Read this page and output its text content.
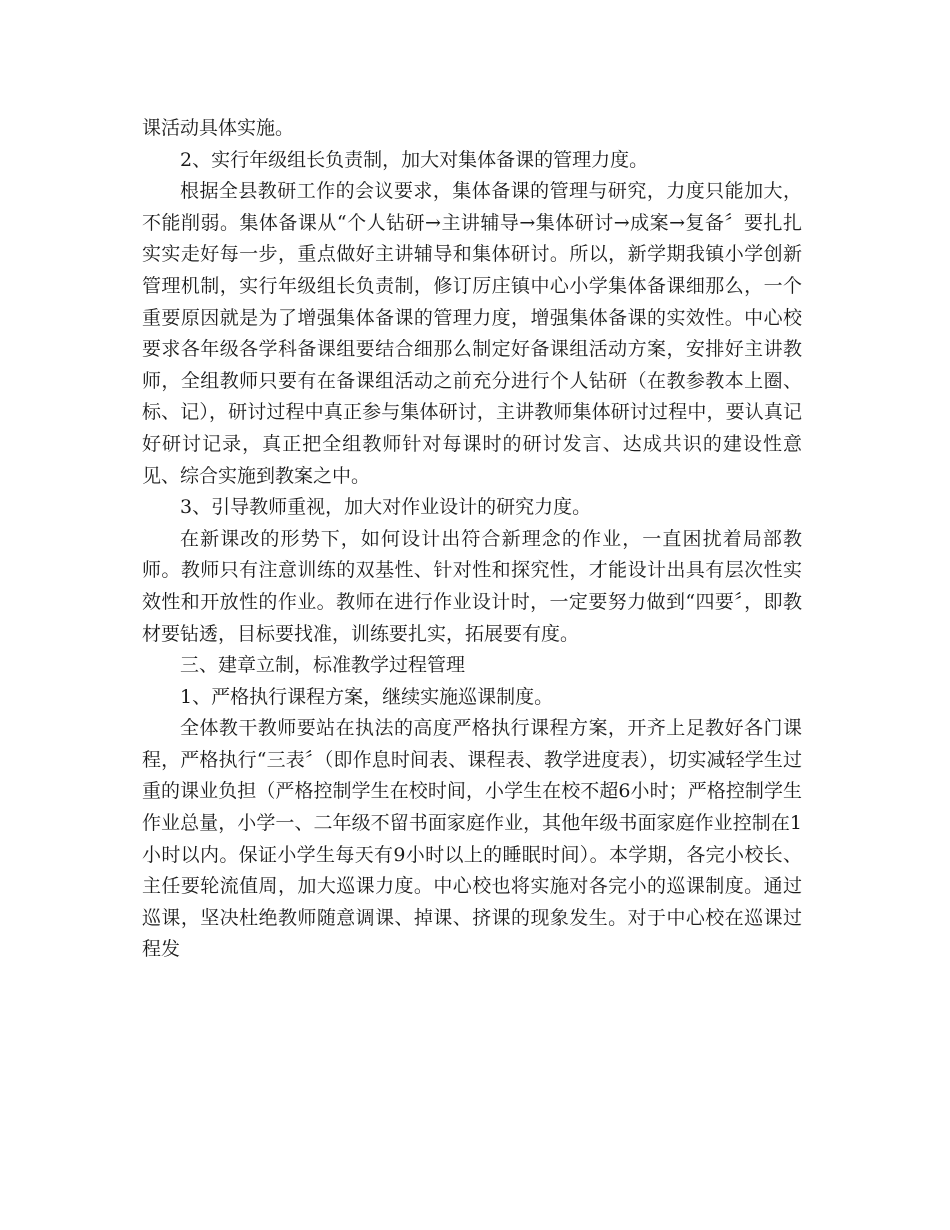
课活动具体实施。

2、实行年级组长负责制，加大对集体备课的管理力度。

根据全县教研工作的会议要求，集体备课的管理与研究，力度只能加大，不能削弱。集体备课从“个人钻研→主讲辅导→集体研讨→成案→复备〞要扎扎实实走好每一步，重点做好主讲辅导和集体研讨。所以，新学期我镇小学创新管理机制，实行年级组长负责制，修订厉庄镇中心小学集体备课细那么，一个重要原因就是为了增强集体备课的管理力度，增强集体备课的实效性。中心校要求各年级各学科备课组要结合细那么制定好备课组活动方案，安排好主讲教师，全组教师只要有在备课组活动之前充分进行个人钻研（在教参教本上圈、标、记），研讨过程中真正参与集体研讨，主讲教师集体研讨过程中，要认真记好研讨记录，真正把全组教师针对每课时的研讨发言、达成共识的建设性意见、综合实施到教案之中。

3、引导教师重视，加大对作业设计的研究力度。

在新课改的形势下，如何设计出符合新理念的作业，一直困扰着局部教师。教师只有注意训练的双基性、针对性和探究性，才能设计出具有层次性实效性和开放性的作业。教师在进行作业设计时，一定要努力做到“四要〞，即教材要钻透，目标要找准，训练要扎实，拓展要有度。

三、建章立制，标准教学过程管理

1、严格执行课程方案，继续实施巡课制度。

全体教干教师要站在执法的高度严格执行课程方案，开齐上足教好各门课程，严格执行“三表〞（即作息时间表、课程表、教学进度表），切实减轻学生过重的课业负担（严格控制学生在校时间，小学生在校不超6小时；严格控制学生作业总量，小学一、二年级不留书面家庭作业，其他年级书面家庭作业控制在1小时以内。保证小学生每天有9小时以上的睡眠时间）。本学期，各完小校长、主任要轮流值周，加大巡课力度。中心校也将实施对各完小的巡课制度。通过巡课，坚决杜绝教师随意调课、掉课、挤课的现象发生。对于中心校在巡课过程发
